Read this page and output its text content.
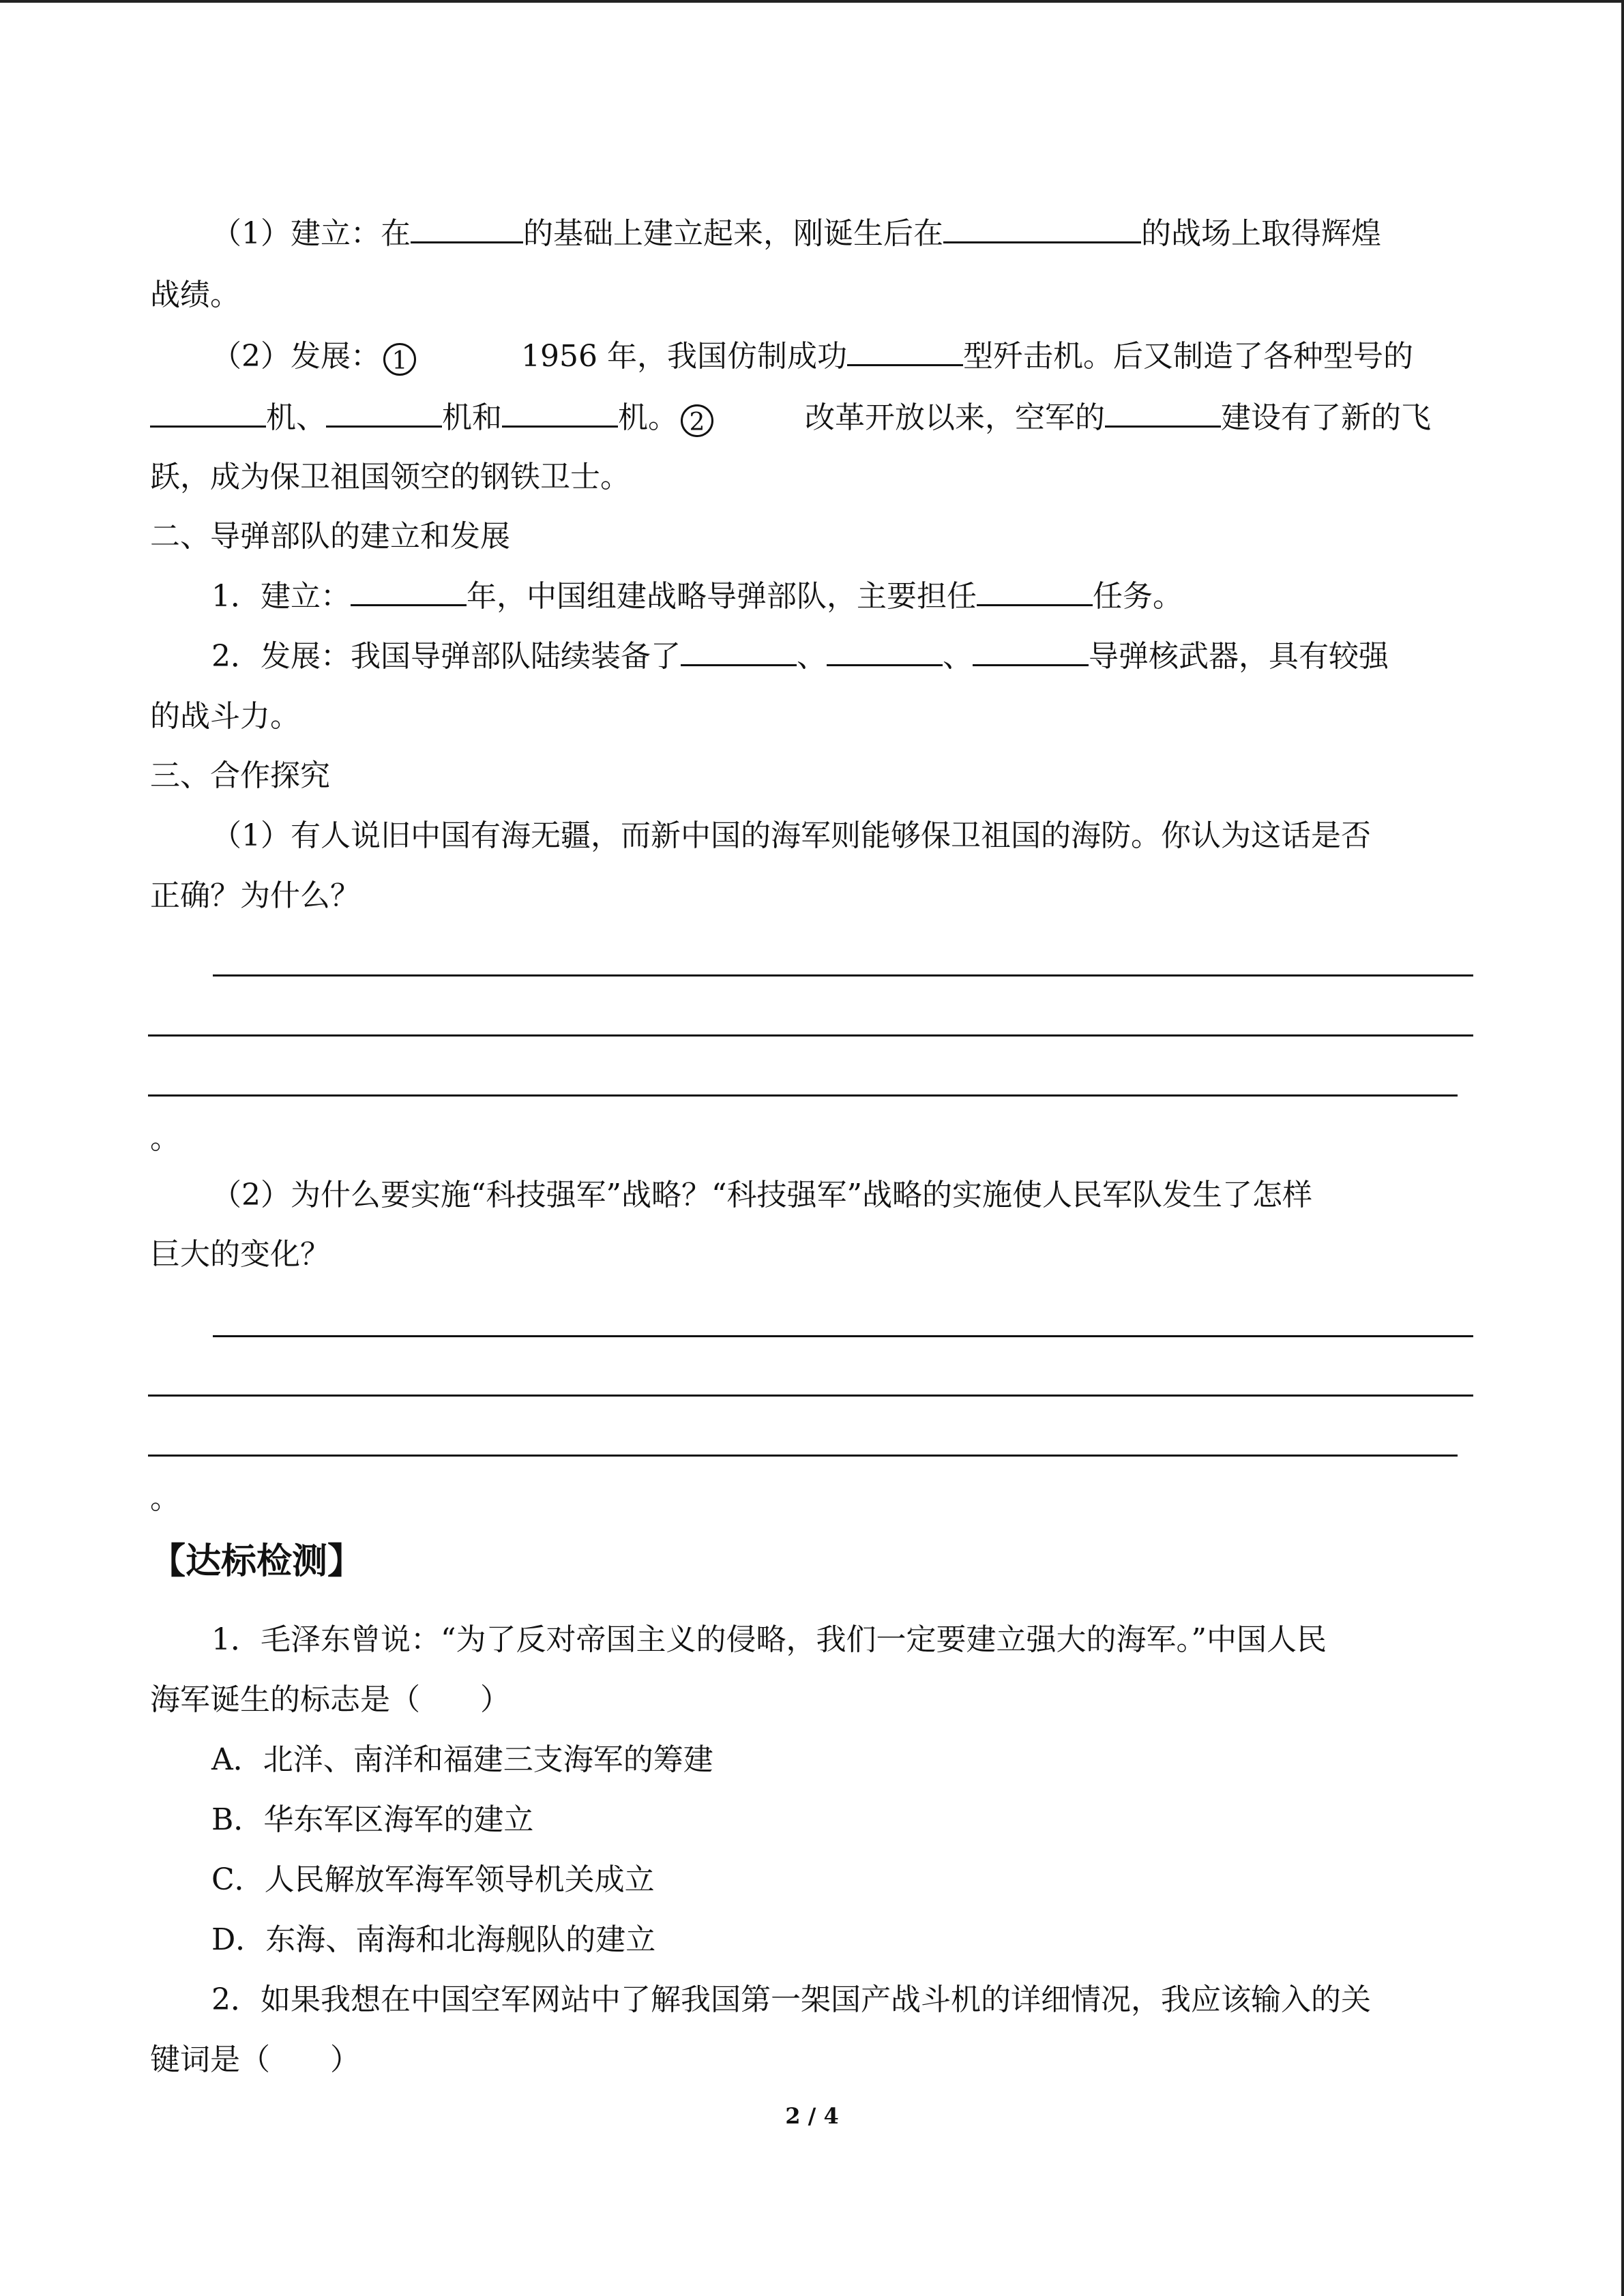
（1）建立：在	的基础上建立起来，刚诞生后在	的战场上取得辉煌
战绩。
（2）发展： 1	1956 年，我国仿制成功	型歼击机。后又制造了各种型号的
机、	机和	机。 2	改革开放以来，空军的	建设有了新的飞
跃，成为保卫祖国领空的钢铁卫士。
二、导弹部队的建立和发展
1．建立：	年，中国组建战略导弹部队，主要担任	任务。
2．发展：我国导弹部队陆续装备了	、	、	导弹核武器，具有较强
的战斗力。
三、合作探究
（1）有人说旧中国有海无疆，而新中国的海军则能够保卫祖国的海防。你认为这话是否
正确？为什么？
。
（2）为什么要实施“科技强军”战略？“科技强军”战略的实施使人民军队发生了怎样
巨大的变化？
。
【达标检测】
1．毛泽东曾说：“为了反对帝国主义的侵略，我们一定要建立强大的海军。”中国人民
海军诞生的标志是（　　）
A．北洋、南洋和福建三支海军的筹建
B．华东军区海军的建立
C．人民解放军海军领导机关成立
D．东海、南海和北海舰队的建立
2．如果我想在中国空军网站中了解我国第一架国产战斗机的详细情况，我应该输入的关
键词是（　　）
2 / 4
